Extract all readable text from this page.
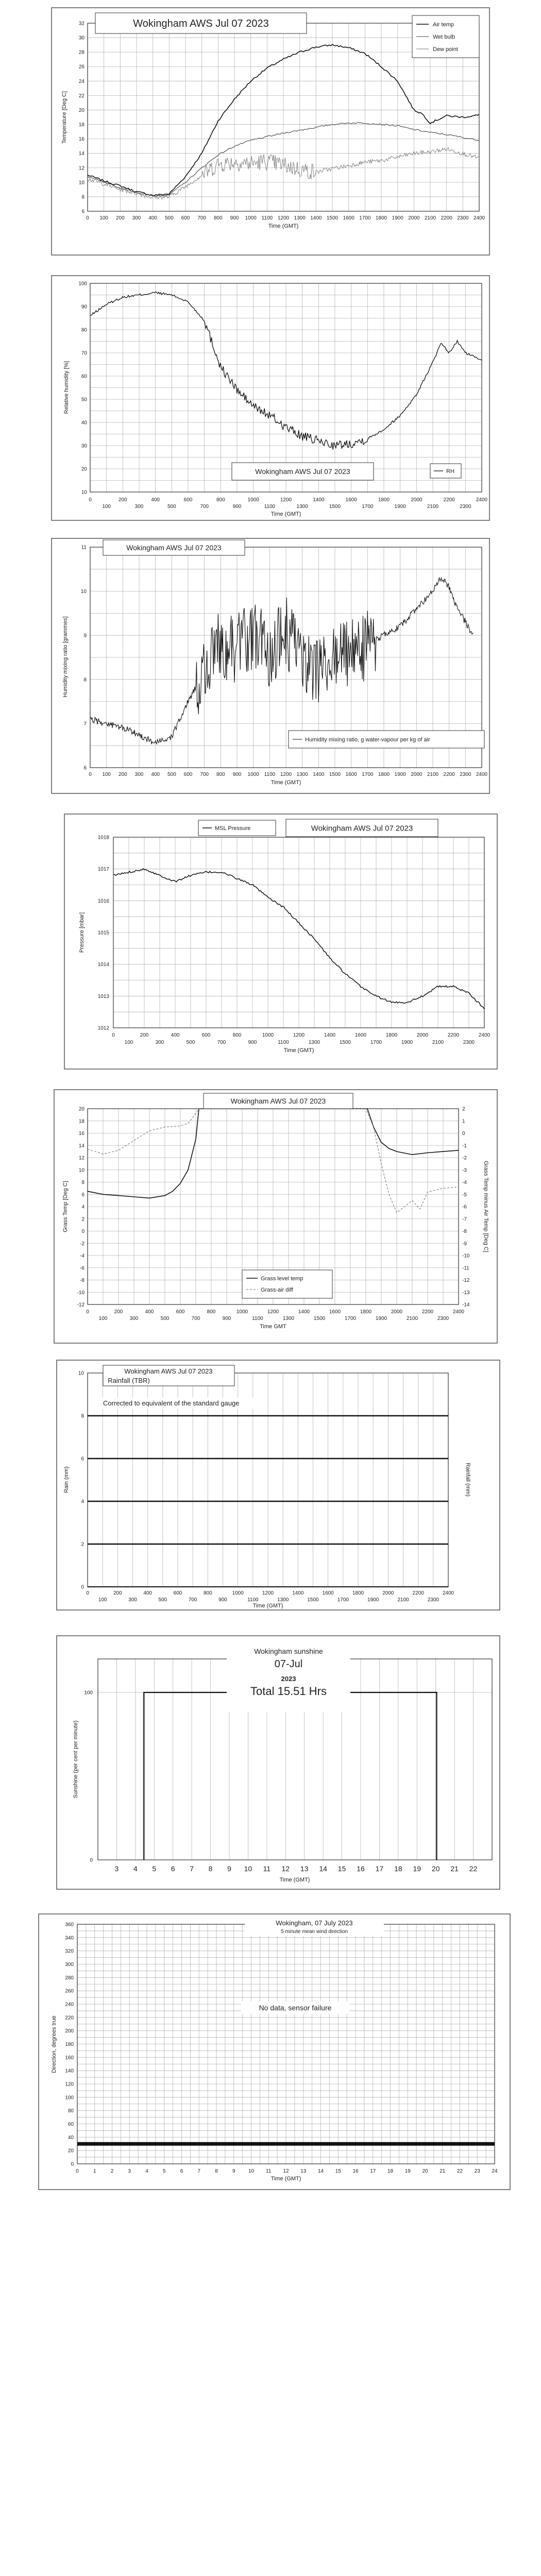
6
8
10
12
14
16
18
20
22
24
26
28
30
32
0 100 200 300 400 500 600 700 800 900 1000 1100 1200 1300 1400 1500 1600 1700 1800 1900 2000 2100 2200 2300 2400
Time (GMT)
Temperature [Deg C]
Wokingham AWS Jul 07 2023	Air temp
Wet bulb
Dew point
10
20
30
40
50
60
70
80
90
100
0	200	400	600	800	1000	1200	1400	1600	1800	2000	2200	2400
100	300	500	700	900	1100	1300	1500	1700	1900	2100	2300
Time (GMT)
Relative humidity [%]
Wokingham AWS Jul 07 2023	RH
6
7
8
9
10
11
0 100 200 300 400 500 600 700 800 900 1000 1100 1200 1300 1400 1500 1600 1700 1800 1900 2000 2100 2200 2300 2400
Time (GMT)
Humidity mixing ratio [grammes]
Wokingham AWS Jul 07 2023
Humidity mixing ratio, g water-vapour per kg of air
1012
1013
1014
1015
1016
1017
1018
0	200	400	600	800	1000	1200	1400	1600	1800	2000	2200	2400
100	300	500	700	900	1100	1300	1500	1700	1900	2100	2300
Time (GMT)
Pressure [mbar]
Wokingham AWS Jul 07 2023
MSL Pressure
-12
-10
-8
-6
-4
-2
0
2
4
6
8
10
12
14
16
18
20
-14
-13
-12
-11
-10
-9
-8
-7
-6
-5
-4
-3
-2
-1
0
1
2
0	200	400	600	800	1000	1200	1400	1600	1800	2000	2200	2400
100	300	500	700	900	1100	1300	1500	1700	1900	2100	2300
Time GMT
Grass Temp [Deg C]	Grass Temp minus Air Temp [Deg C]
Wokingham AWS Jul 07 2023
Grass level temp
Grass-air diff
0
2
4
6
8
10
0	200	400	600	800	1000	1200	1400	1600	1800	2000	2200	2400
100	300	500	700	900	1100	1300	1500	1700	1900	2100	2300
Time (GMT)
Rain (mm)	Rainfall (mm)
Wokingham AWS Jul 07 2023
Rainfall (TBR)
Corrected to equivalent of the standard gauge
0
100
3 4 5 6 7 8 9 10 11 12 13 14 15 16 17 18 19 20 21 22
Time (GMT)
Sunshine (per cent per minute)
Wokingham sunshine
07-Jul
2023
Total 15.51 Hrs
0
20
40
60
80
100
120
140
160
180
200
220
240
260
280
300
320
340
360
0	1	2	3	4	5	6	7	8	9	10 11 12 13 14 15 16 17 18 19 20 21 22 23 24
Time (GMT)
Direction, degrees true
Wokingham, 07 July 2023
5 minute mean wind direction
No data, sensor failure
